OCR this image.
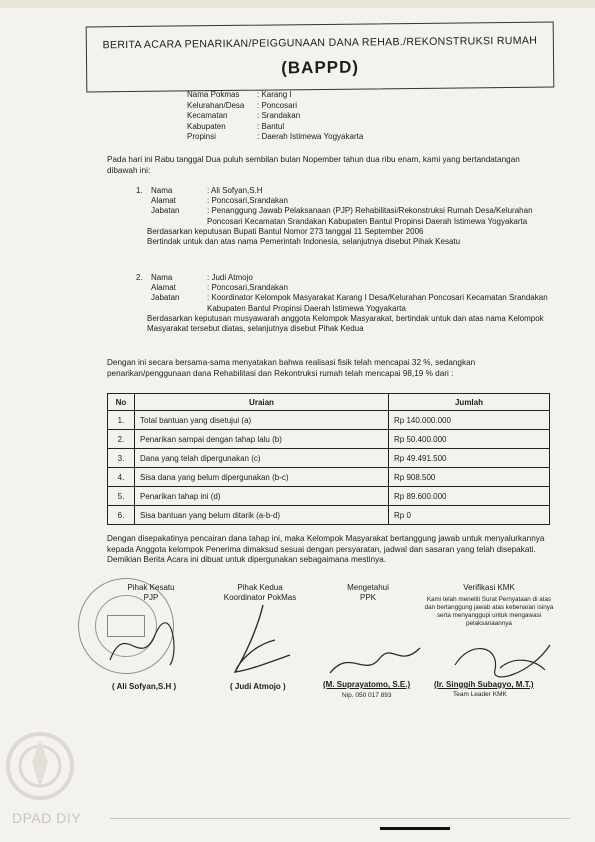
BERITA ACARA PENARIKAN/PEIGGUNAAN DANA REHAB./REKONSTRUKSI RUMAH
(BAPPD)
Nama Pokmas	: Karang I
Kelurahan/Desa	: Poncosari
Kecamatan	: Srandakan
Kabupaten	: Bantul
Propinsi	: Daerah Istimewa Yogyakarta
Pada hari ini Rabu tanggal Dua puluh sembilan bulan Nopember tahun dua ribu enam, kami yang bertandatangan dibawah ini:
1.	Nama	: Ali Sofyan,S.H
Alamat	: Poncosari,Srandakan
Jabatan	: Penanggung Jawab Pelaksanaan (PJP) Rehabilitasi/Rekonstruksi Rumah Desa/Kelurahan Poncosari Kecamatan Srandakan Kabupaten Bantul Propinsi Daerah Istimewa Yogyakarta
Berdasarkan keputusan Bupati Bantul Nomor 273 tanggal 11 September 2006
Bertindak untuk dan atas nama Pemerintah Indonesia, selanjutnya disebut Pihak Kesatu
2.	Nama	: Judi Atmojo
Alamat	: Poncosari,Srandakan
Jabatan	: Koordinator Kelompok Masyarakat Karang I Desa/Kelurahan Poncosari Kecamatan Srandakan Kabupaten Bantul Propinsi Daerah Istimewa Yogyakarta
Berdasarkan keputusan musyawarah anggota Kelompok Masyarakat, bertindak untuk dan atas nama Kelompok Masyarakat tersebut diatas, selanjutnya disebut Pihak Kedua
Dengan ini secara bersama-sama menyatakan bahwa realisasi fisik telah mencapai 32 %, sedangkan penarikan/penggunaan dana Rehabilitasi dan Rekontruksi rumah telah mencapai 98,19 % dari :
No	Uraian	Jumlah
1.	Total bantuan yang disetujui (a)	Rp 140.000.000
2.	Penarikan sampai dengan tahap lalu (b)	Rp 50.400.000
3.	Dana yang telah dipergunakan (c)	Rp 49.491.500
4.	Sisa dana yang belum dipergunakan (b-c)	Rp 908.500
5.	Penarikan tahap ini (d)	Rp 89.600.000
6.	Sisa bantuan yang belum ditarik (a-b-d)	Rp 0
Dengan disepakatinya pencairan dana tahap ini, maka Kelompok Masyarakat bertanggung jawab untuk menyalurkannya kepada Anggota kelompok Penerima dimaksud sesuai dengan persyaratan, jadwal dan sasaran yang telah disepakati.
Demikian Berita Acara ini dibuat untuk dipergunakan sebagaimana mestinya.
Pihak Kesatu
PJP
Pihak Kedua
Koordinator PokMas
Mengetahui
PPK
Verifikasi KMK
Kami telah meneliti Surat Pernyataan di atas dan bertanggung jawab atas kebenaran isinya serta menyanggupi untuk mengawasi pelaksanaannya
( Ali Sofyan,S.H )	( Judi Atmojo )	(M. Suprayatomo, S.E.)
Nip. 050 017 893
(Ir. Singgih Subagyo, M.T.)
Team Leader KMK
DPAD DIY
